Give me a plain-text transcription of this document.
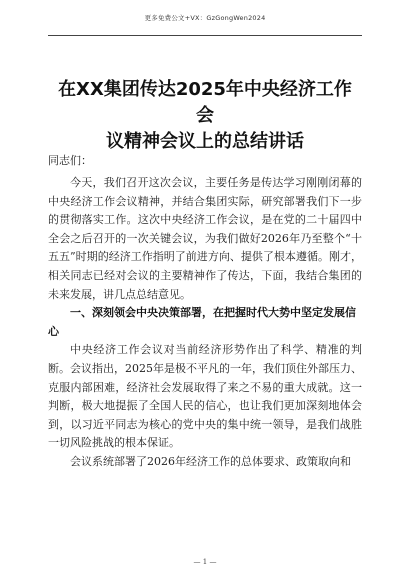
更多免费公文+VX：GzGongWen2024
在XX集团传达2025年中央经济工作会
议精神会议上的总结讲话
同志们：

今天，我们召开这次会议，主要任务是传达学习刚刚闭幕的中央经济工作会议精神，并结合集团实际，研究部署我们下一步的贯彻落实工作。这次中央经济工作会议，是在党的二十届四中全会之后召开的一次关键会议，为我们做好2026年乃至整个“十五五”时期的经济工作指明了前进方向、提供了根本遵循。刚才，相关同志已经对会议的主要精神作了传达，下面，我结合集团的未来发展，讲几点总结意见。

一、深刻领会中央决策部署，在把握时代大势中坚定发展信心

中央经济工作会议对当前经济形势作出了科学、精准的判断。会议指出，2025年是极不平凡的一年，我们顶住外部压力、克服内部困难，经济社会发展取得了来之不易的重大成就。这一判断，极大地提振了全国人民的信心，也让我们更加深刻地体会到，以习近平同志为核心的党中央的集中统一领导，是我们战胜一切风险挑战的根本保证。

会议系统部署了2026年经济工作的总体要求、政策取向和

— 1 —
